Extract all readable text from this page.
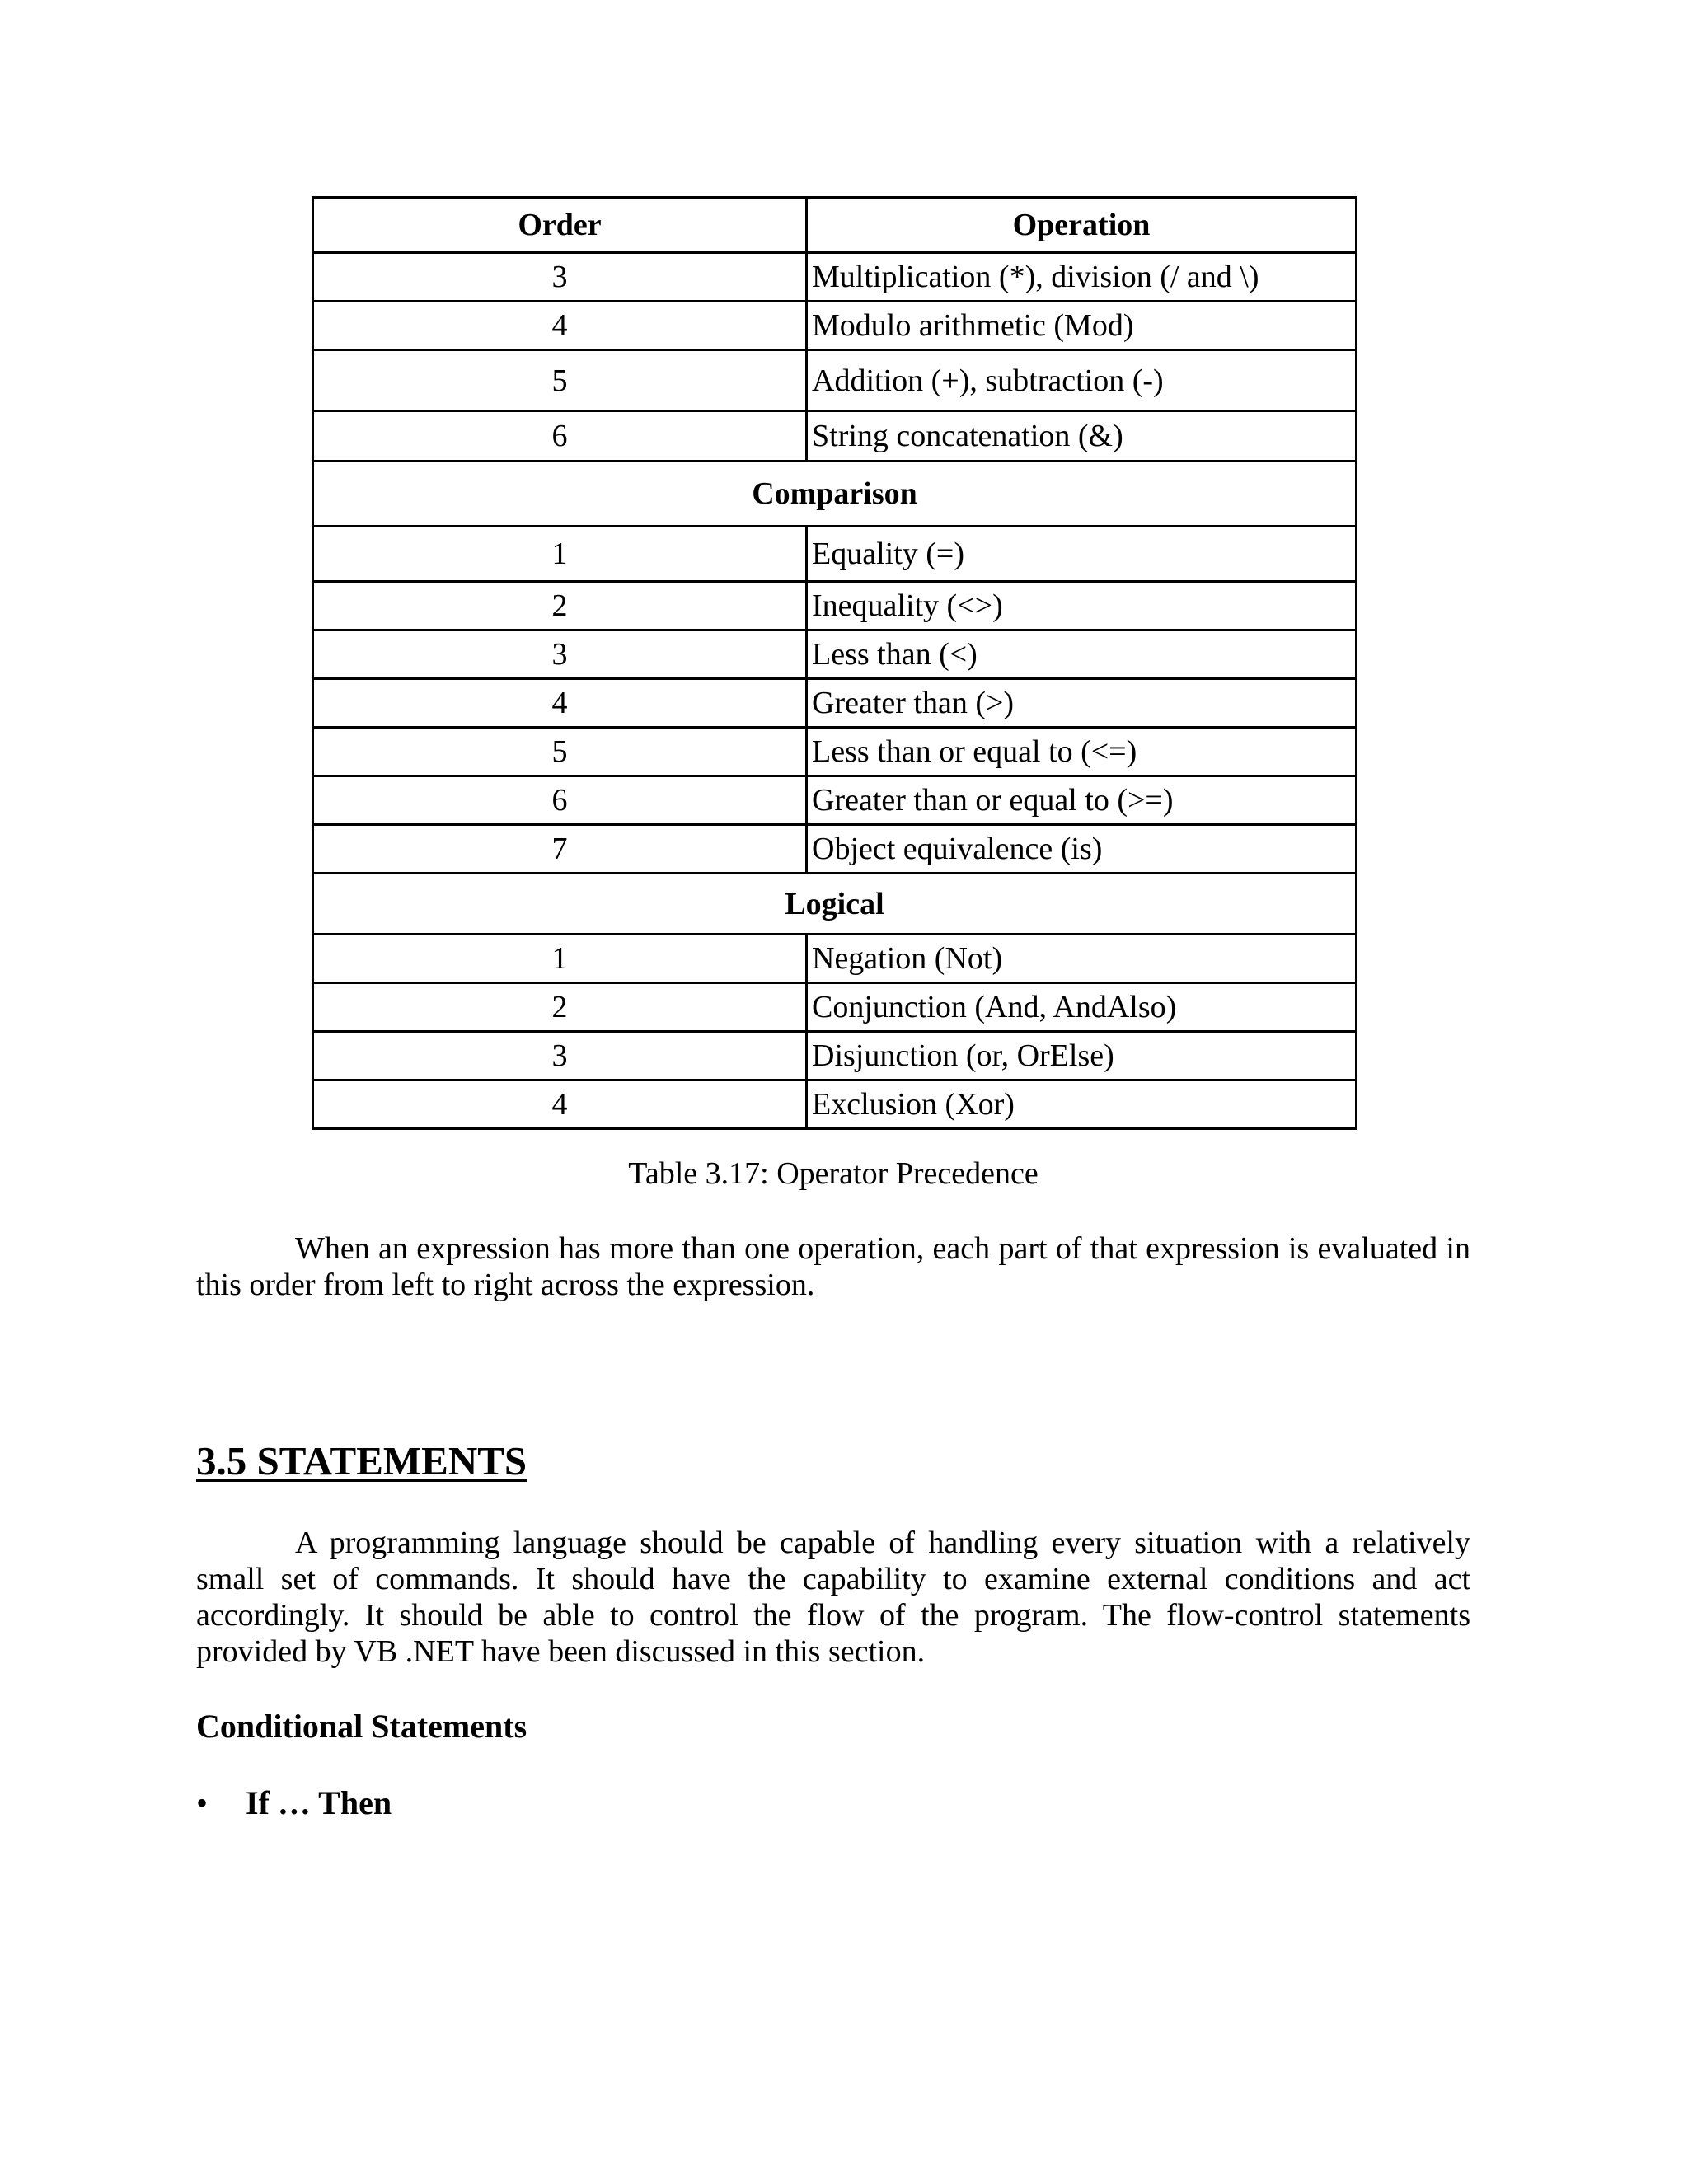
Order	Operation
3	Multiplication (*), division (/ and \)
4	Modulo arithmetic (Mod)
5	Addition (+), subtraction (-)
6	String concatenation (&)
Comparison	
1	Equality (=)
2	Inequality (<>)
3	Less than (<)
4	Greater than (>)
5	Less than or equal to (<=)
6	Greater than or equal to (>=)
7	Object equivalence (is)
Logical	
1	Negation (Not)
2	Conjunction (And, AndAlso)
3	Disjunction (or, OrElse)
4	Exclusion (Xor)
Table 3.17: Operator Precedence

When an expression has more than one operation, each part of that expression is evaluated in this order from left to right across the expression.

3.5 STATEMENTS

A programming language should be capable of handling every situation with a relatively small set of commands. It should have the capability to examine external conditions and act accordingly. It should be able to control the flow of the program. The flow-control statements provided by VB .NET have been discussed in this section.

Conditional Statements
• If … Then
